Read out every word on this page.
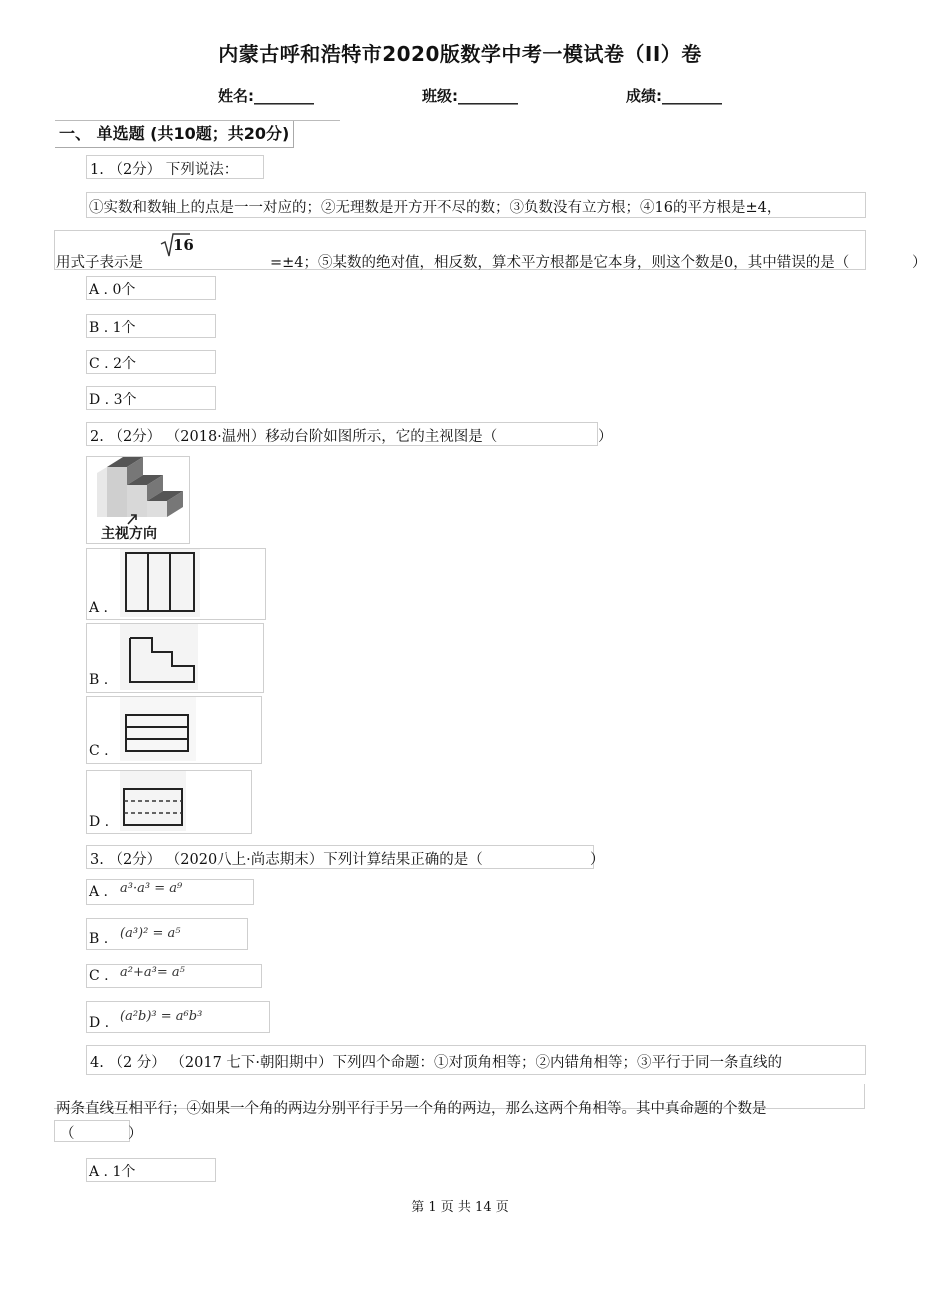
内蒙古呼和浩特市2020版数学中考一模试卷（II）卷
姓名:________	班级:________	成绩:________
一、 单选题 (共10题；共20分)
1. （2分） 下列说法：
①实数和数轴上的点是一一对应的；②无理数是开方开不尽的数；③负数没有立方根；④16的平方根是±4，
用式子表示是
16
=±4；⑤某数的绝对值，相反数，算术平方根都是它本身，则这个数是0，其中错误的是（	）
A . 0个
B . 1个
C . 2个
D . 3个
2. （2分） （2018·温州）移动台阶如图所示，它的主视图是（	）
主视方向
A .
B .
C .
D .
3. （2分） （2020八上·尚志期末）下列计算结果正确的是（	）
A . a³·a³ = a⁹
B . (a³)² = a⁵
C . a²+a³= a⁵
D . (a²b)³ = a⁶b³
4. （2 分） （2017 七下·朝阳期中）下列四个命题：①对顶角相等；②内错角相等；③平行于同一条直线的
两条直线互相平行；④如果一个角的两边分别平行于另一个角的两边，那么这两个角相等。其中真命题的个数是
（	）
A . 1个
第 1 页 共 14 页
